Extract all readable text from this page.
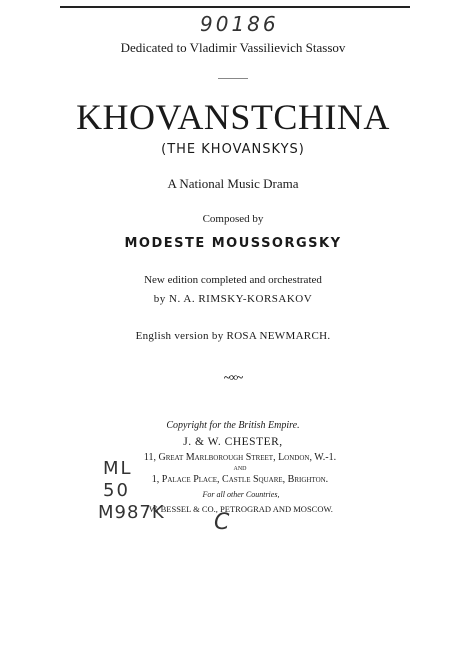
90186
Dedicated to Vladimir Vassilievich Stassov
KHOVANSTCHINA
(THE KHOVANSKYS)
A National Music Drama
Composed by
MODESTE MOUSSORGSKY
New edition completed and orchestrated
by N. A. RIMSKY-KORSAKOV
English version by ROSA NEWMARCH.
~∞~
Copyright for the British Empire.
J. & W. CHESTER,
11, Great Marlborough Street, London, W.-1.
AND
1, Palace Place, Castle Square, Brighton.
For all other Countries,
W. BESSEL & CO., PETROGRAD AND MOSCOW.
ML
50
M987K C
